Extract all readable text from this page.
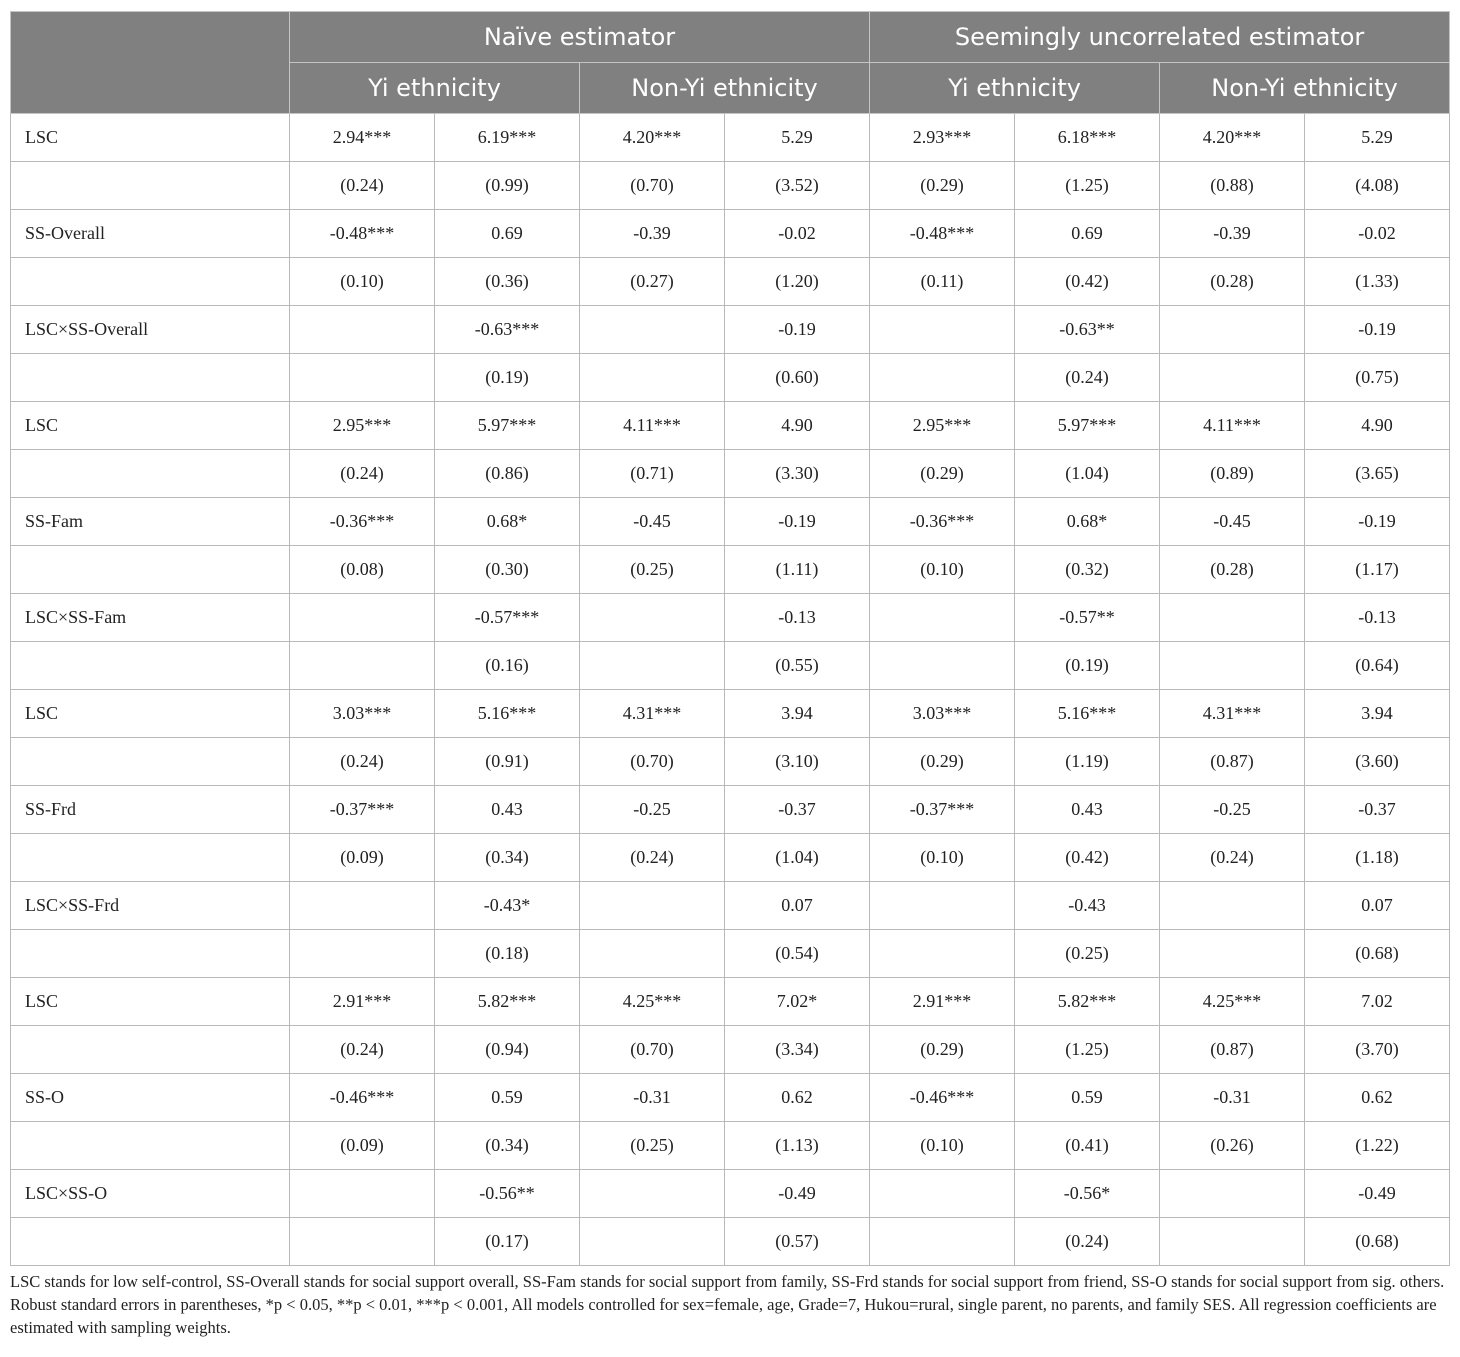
	Naïve estimator				Seemingly uncorrelated estimator			
	Yi ethnicity		Non-Yi ethnicity		Yi ethnicity		Non-Yi ethnicity	
LSC	2.94***	6.19***	4.20***	5.29	2.93***	6.18***	4.20***	5.29
	(0.24)	(0.99)	(0.70)	(3.52)	(0.29)	(1.25)	(0.88)	(4.08)
SS-Overall	-0.48***	0.69	-0.39	-0.02	-0.48***	0.69	-0.39	-0.02
	(0.10)	(0.36)	(0.27)	(1.20)	(0.11)	(0.42)	(0.28)	(1.33)
LSC×SS-Overall		-0.63***		-0.19		-0.63**		-0.19
		(0.19)		(0.60)		(0.24)		(0.75)
LSC	2.95***	5.97***	4.11***	4.90	2.95***	5.97***	4.11***	4.90
	(0.24)	(0.86)	(0.71)	(3.30)	(0.29)	(1.04)	(0.89)	(3.65)
SS-Fam	-0.36***	0.68*	-0.45	-0.19	-0.36***	0.68*	-0.45	-0.19
	(0.08)	(0.30)	(0.25)	(1.11)	(0.10)	(0.32)	(0.28)	(1.17)
LSC×SS-Fam		-0.57***		-0.13		-0.57**		-0.13
		(0.16)		(0.55)		(0.19)		(0.64)
LSC	3.03***	5.16***	4.31***	3.94	3.03***	5.16***	4.31***	3.94
	(0.24)	(0.91)	(0.70)	(3.10)	(0.29)	(1.19)	(0.87)	(3.60)
SS-Frd	-0.37***	0.43	-0.25	-0.37	-0.37***	0.43	-0.25	-0.37
	(0.09)	(0.34)	(0.24)	(1.04)	(0.10)	(0.42)	(0.24)	(1.18)
LSC×SS-Frd		-0.43*		0.07		-0.43		0.07
		(0.18)		(0.54)		(0.25)		(0.68)
LSC	2.91***	5.82***	4.25***	7.02*	2.91***	5.82***	4.25***	7.02
	(0.24)	(0.94)	(0.70)	(3.34)	(0.29)	(1.25)	(0.87)	(3.70)
SS-O	-0.46***	0.59	-0.31	0.62	-0.46***	0.59	-0.31	0.62
	(0.09)	(0.34)	(0.25)	(1.13)	(0.10)	(0.41)	(0.26)	(1.22)
LSC×SS-O		-0.56**		-0.49		-0.56*		-0.49
		(0.17)		(0.57)		(0.24)		(0.68)
LSC stands for low self-control, SS-Overall stands for social support overall, SS-Fam stands for social support from family, SS-Frd stands for social support from friend, SS-O stands for social support from sig. others. Robust standard errors in parentheses, *p < 0.05, **p < 0.01, ***p < 0.001, All models controlled for sex=female, age, Grade=7, Hukou=rural, single parent, no parents, and family SES. All regression coefficients are estimated with sampling weights.
